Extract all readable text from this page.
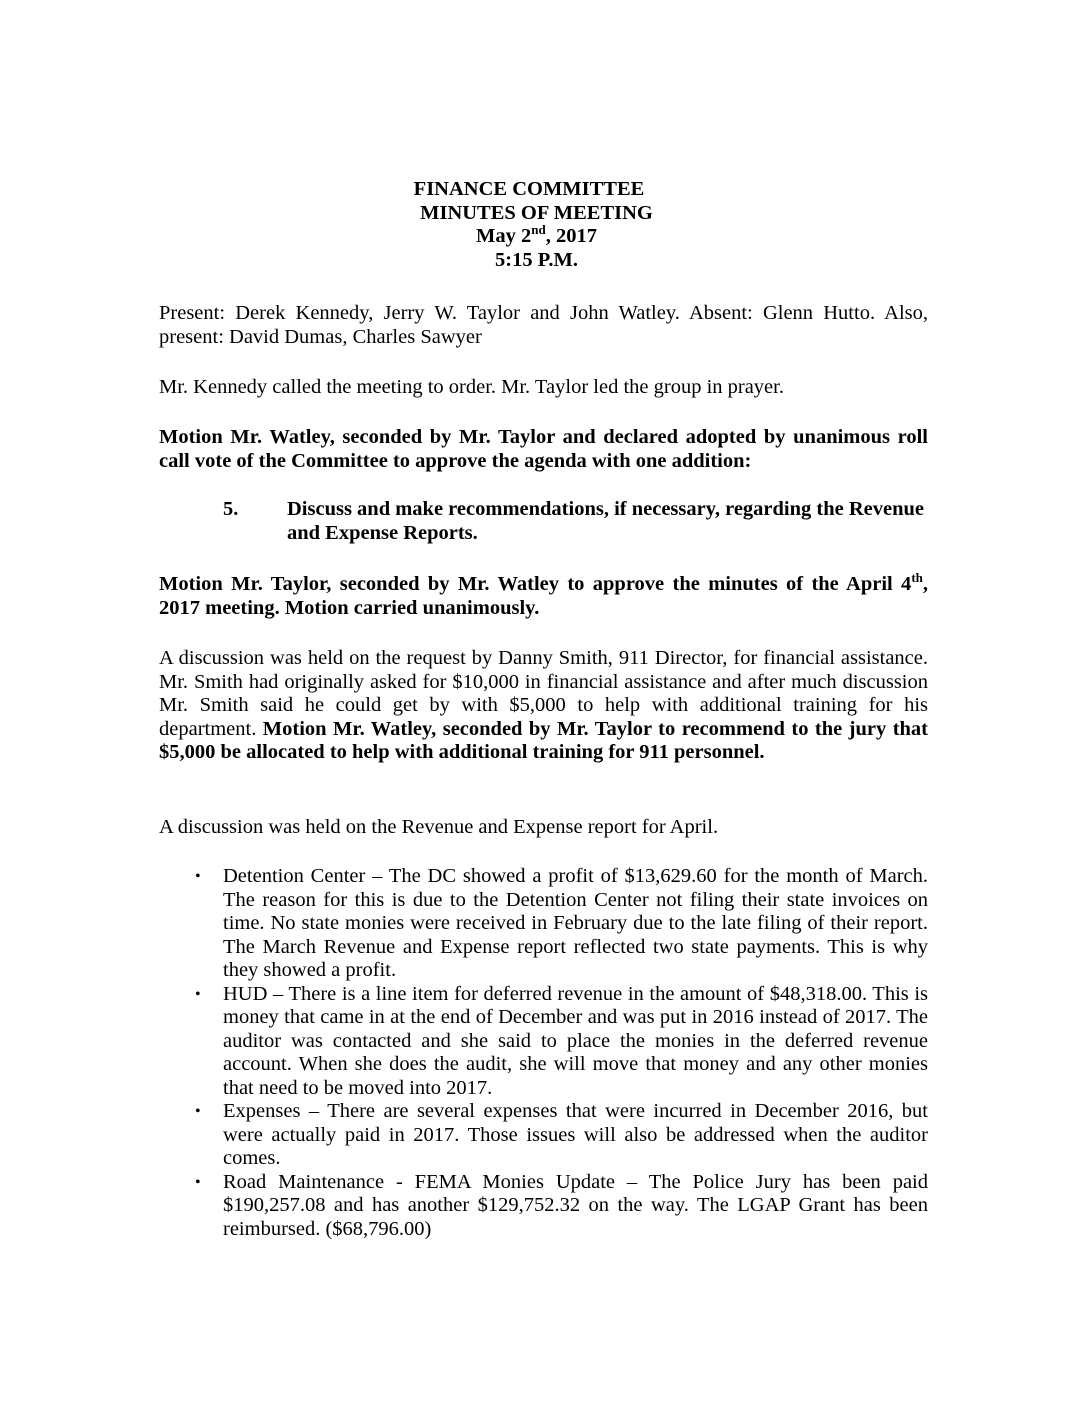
FINANCE COMMITTEE
MINUTES OF MEETING
May 2nd, 2017
5:15 P.M.
Present: Derek Kennedy, Jerry W. Taylor and John Watley. Absent: Glenn Hutto. Also, present: David Dumas, Charles Sawyer
Mr. Kennedy called the meeting to order. Mr. Taylor led the group in prayer.
Motion Mr. Watley, seconded by Mr. Taylor and declared adopted by unanimous roll call vote of the Committee to approve the agenda with one addition:
5. Discuss and make recommendations, if necessary, regarding the Revenue and Expense Reports.
Motion Mr. Taylor, seconded by Mr. Watley to approve the minutes of the April 4th, 2017 meeting. Motion carried unanimously.
A discussion was held on the request by Danny Smith, 911 Director, for financial assistance. Mr. Smith had originally asked for $10,000 in financial assistance and after much discussion Mr. Smith said he could get by with $5,000 to help with additional training for his department. Motion Mr. Watley, seconded by Mr. Taylor to recommend to the jury that $5,000 be allocated to help with additional training for 911 personnel.
A discussion was held on the Revenue and Expense report for April.
• Detention Center – The DC showed a profit of $13,629.60 for the month of March. The reason for this is due to the Detention Center not filing their state invoices on time. No state monies were received in February due to the late filing of their report. The March Revenue and Expense report reflected two state payments. This is why they showed a profit.
• HUD – There is a line item for deferred revenue in the amount of $48,318.00. This is money that came in at the end of December and was put in 2016 instead of 2017. The auditor was contacted and she said to place the monies in the deferred revenue account. When she does the audit, she will move that money and any other monies that need to be moved into 2017.
• Expenses – There are several expenses that were incurred in December 2016, but were actually paid in 2017. Those issues will also be addressed when the auditor comes.
• Road Maintenance - FEMA Monies Update – The Police Jury has been paid $190,257.08 and has another $129,752.32 on the way. The LGAP Grant has been reimbursed. ($68,796.00)
